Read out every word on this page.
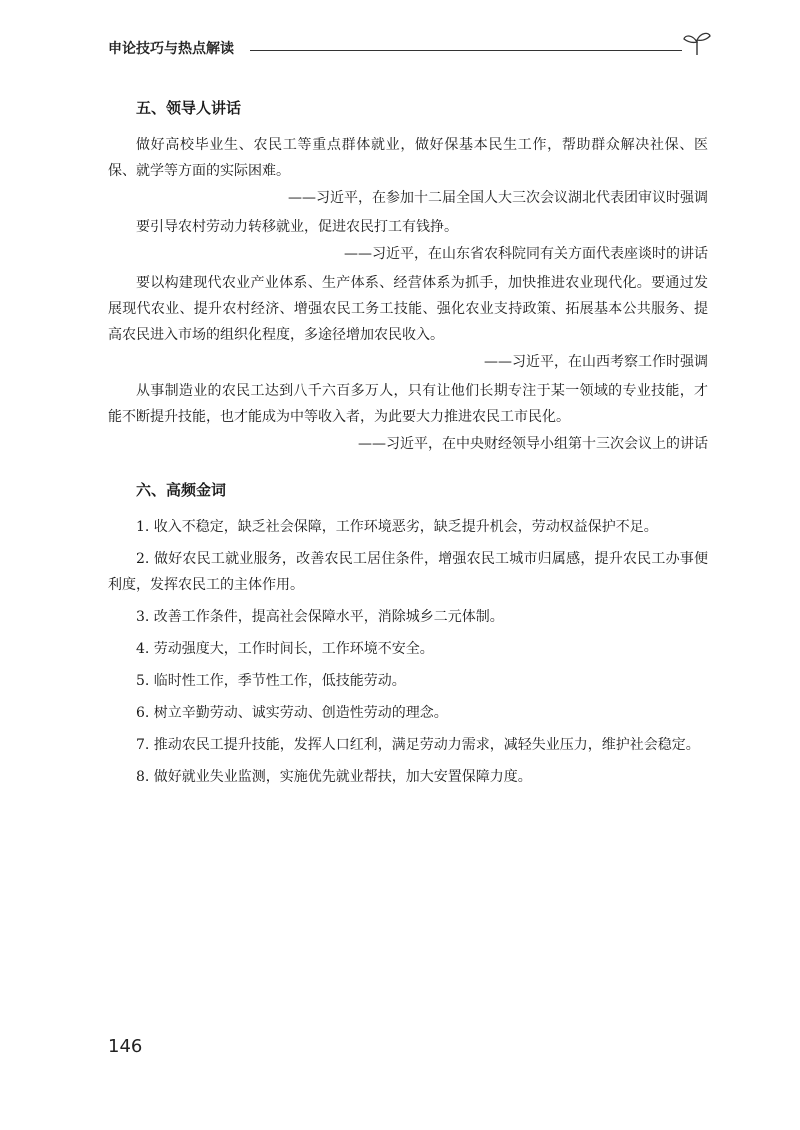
申论技巧与热点解读
五、领导人讲话

做好高校毕业生、农民工等重点群体就业，做好保基本民生工作，帮助群众解决社保、医保、就学等方面的实际困难。

——习近平，在参加十二届全国人大三次会议湖北代表团审议时强调

要引导农村劳动力转移就业，促进农民打工有钱挣。

——习近平，在山东省农科院同有关方面代表座谈时的讲话

要以构建现代农业产业体系、生产体系、经营体系为抓手，加快推进农业现代化。要通过发展现代农业、提升农村经济、增强农民工务工技能、强化农业支持政策、拓展基本公共服务、提高农民进入市场的组织化程度，多途径增加农民收入。

——习近平，在山西考察工作时强调

从事制造业的农民工达到八千六百多万人，只有让他们长期专注于某一领域的专业技能，才能不断提升技能，也才能成为中等收入者，为此要大力推进农民工市民化。

——习近平，在中央财经领导小组第十三次会议上的讲话

六、高频金词

1. 收入不稳定，缺乏社会保障，工作环境恶劣，缺乏提升机会，劳动权益保护不足。

2. 做好农民工就业服务，改善农民工居住条件，增强农民工城市归属感，提升农民工办事便利度，发挥农民工的主体作用。

3. 改善工作条件，提高社会保障水平，消除城乡二元体制。

4. 劳动强度大，工作时间长，工作环境不安全。

5. 临时性工作，季节性工作，低技能劳动。

6. 树立辛勤劳动、诚实劳动、创造性劳动的理念。

7. 推动农民工提升技能，发挥人口红利，满足劳动力需求，减轻失业压力，维护社会稳定。

8. 做好就业失业监测，实施优先就业帮扶，加大安置保障力度。

146
